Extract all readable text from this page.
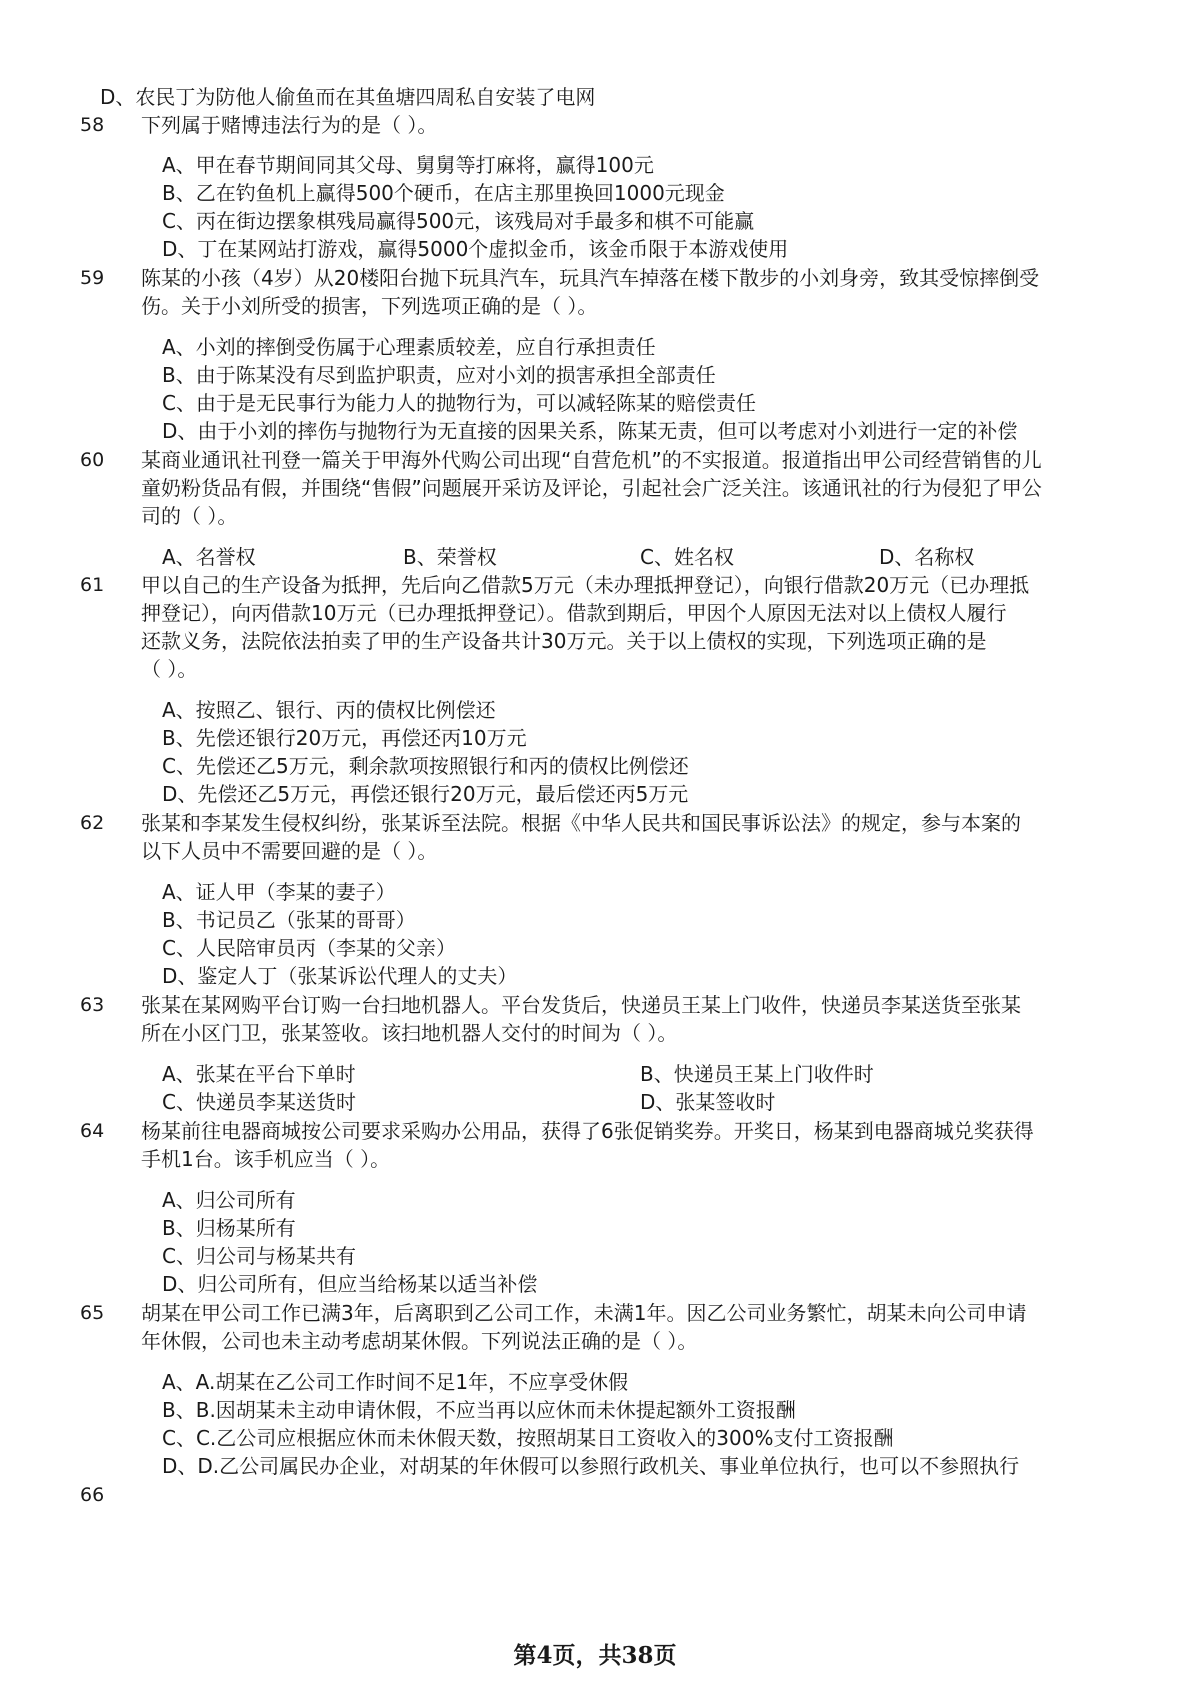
D、农民丁为防他人偷鱼而在其鱼塘四周私自安装了电网
58 下列属于赌博违法行为的是（ ）。
A、甲在春节期间同其父母、舅舅等打麻将，赢得100元
B、乙在钓鱼机上赢得500个硬币，在店主那里换回1000元现金
C、丙在街边摆象棋残局赢得500元，该残局对手最多和棋不可能赢
D、丁在某网站打游戏，赢得5000个虚拟金币，该金币限于本游戏使用
59 陈某的小孩（4岁）从20楼阳台抛下玩具汽车，玩具汽车掉落在楼下散步的小刘身旁，致其受惊摔倒受
伤。关于小刘所受的损害，下列选项正确的是（ ）。
A、小刘的摔倒受伤属于心理素质较差，应自行承担责任
B、由于陈某没有尽到监护职责，应对小刘的损害承担全部责任
C、由于是无民事行为能力人的抛物行为，可以减轻陈某的赔偿责任
D、由于小刘的摔伤与抛物行为无直接的因果关系，陈某无责，但可以考虑对小刘进行一定的补偿
60 某商业通讯社刊登一篇关于甲海外代购公司出现“自营危机”的不实报道。报道指出甲公司经营销售的儿
童奶粉货品有假，并围绕“售假”问题展开采访及评论，引起社会广泛关注。该通讯社的行为侵犯了甲公
司的（ ）。
A、名誉权	B、荣誉权	C、姓名权	D、名称权
61 甲以自己的生产设备为抵押，先后向乙借款5万元（未办理抵押登记），向银行借款20万元（已办理抵
押登记），向丙借款10万元（已办理抵押登记）。借款到期后，甲因个人原因无法对以上债权人履行
还款义务，法院依法拍卖了甲的生产设备共计30万元。关于以上债权的实现，下列选项正确的是
（ ）。
A、按照乙、银行、丙的债权比例偿还
B、先偿还银行20万元，再偿还丙10万元
C、先偿还乙5万元，剩余款项按照银行和丙的债权比例偿还
D、先偿还乙5万元，再偿还银行20万元，最后偿还丙5万元
62 张某和李某发生侵权纠纷，张某诉至法院。根据《中华人民共和国民事诉讼法》的规定，参与本案的
以下人员中不需要回避的是（ ）。
A、证人甲（李某的妻子）
B、书记员乙（张某的哥哥）
C、人民陪审员丙（李某的父亲）
D、鉴定人丁（张某诉讼代理人的丈夫）
63 张某在某网购平台订购一台扫地机器人。平台发货后，快递员王某上门收件，快递员李某送货至张某
所在小区门卫，张某签收。该扫地机器人交付的时间为（ ）。
A、张某在平台下单时	B、快递员王某上门收件时
C、快递员李某送货时	D、张某签收时
64 杨某前往电器商城按公司要求采购办公用品，获得了6张促销奖券。开奖日，杨某到电器商城兑奖获得
手机1台。该手机应当（ ）。
A、归公司所有
B、归杨某所有
C、归公司与杨某共有
D、归公司所有，但应当给杨某以适当补偿
65 胡某在甲公司工作已满3年，后离职到乙公司工作，未满1年。因乙公司业务繁忙，胡某未向公司申请
年休假，公司也未主动考虑胡某休假。下列说法正确的是（ ）。
A、A.胡某在乙公司工作时间不足1年，不应享受休假
B、B.因胡某未主动申请休假，不应当再以应休而未休提起额外工资报酬
C、C.乙公司应根据应休而未休假天数，按照胡某日工资收入的300%支付工资报酬
D、D.乙公司属民办企业，对胡某的年休假可以参照行政机关、事业单位执行，也可以不参照执行
66
第4页，共38页
